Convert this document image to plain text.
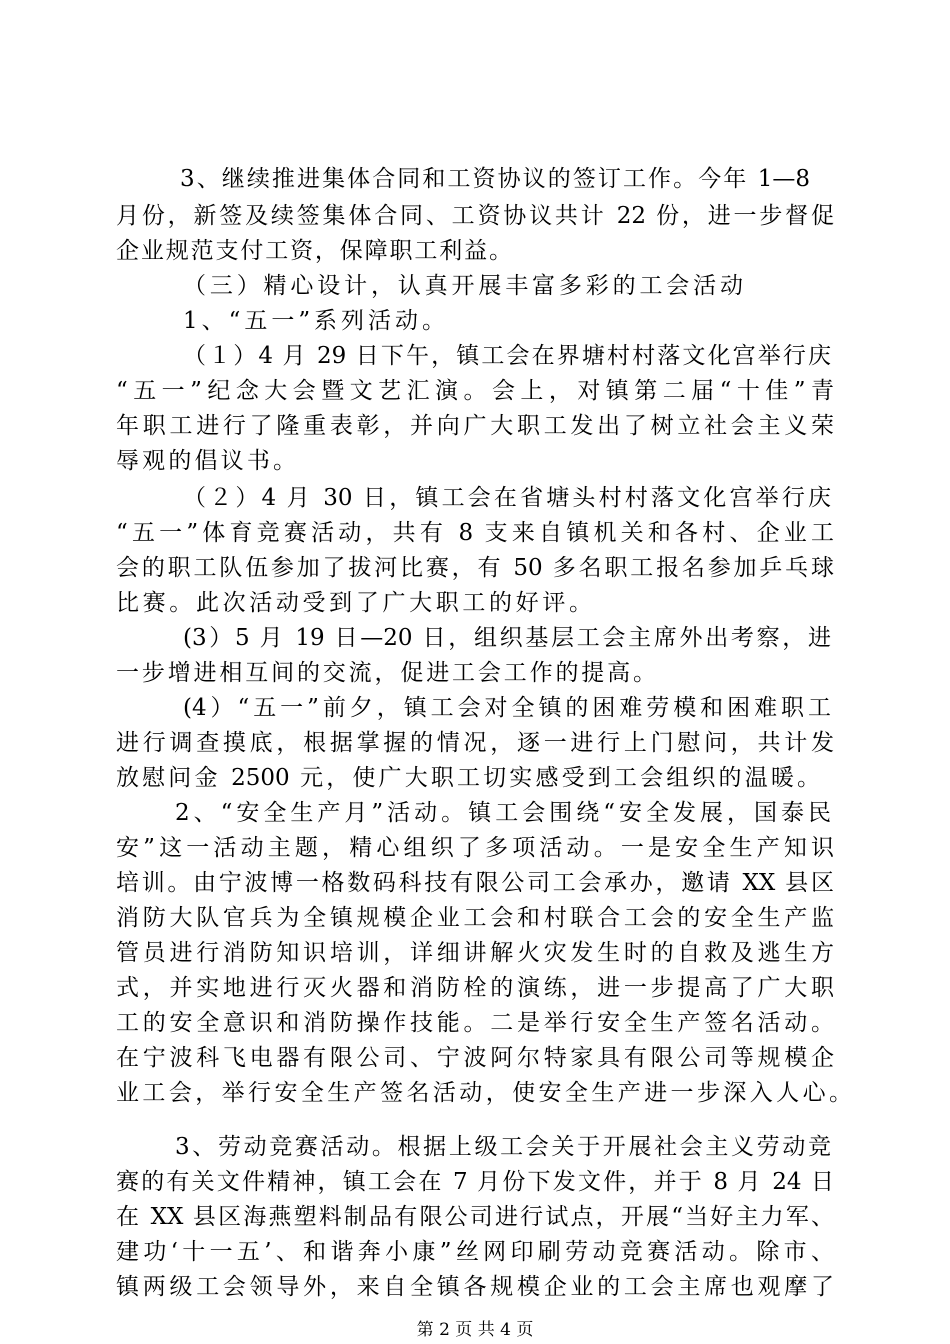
3、继续推进集体合同和工资协议的签订工作。今年 1—8
月份，新签及续签集体合同、工资协议共计 22 份，进一步督促
企业规范支付工资，保障职工利益。
（三）精心设计，认真开展丰富多彩的工会活动
1、“五一”系列活动。
（１）4 月 29 日下午，镇工会在界塘村村落文化宫举行庆
“五一”纪念大会暨文艺汇演。会上，对镇第二届“十佳”青
年职工进行了隆重表彰，并向广大职工发出了树立社会主义荣
辱观的倡议书。
（２）4 月 30 日，镇工会在省塘头村村落文化宫举行庆
“五一”体育竞赛活动，共有 8 支来自镇机关和各村、企业工
会的职工队伍参加了拔河比赛，有 50 多名职工报名参加乒乓球
比赛。此次活动受到了广大职工的好评。
(3）5 月 19 日—20 日，组织基层工会主席外出考察，进
一步增进相互间的交流，促进工会工作的提高。
(4）“五一”前夕，镇工会对全镇的困难劳模和困难职工
进行调查摸底，根据掌握的情况，逐一进行上门慰问，共计发
放慰问金 2500 元，使广大职工切实感受到工会组织的温暖。
2、“安全生产月”活动。镇工会围绕“安全发展，国泰民
安”这一活动主题，精心组织了多项活动。一是安全生产知识
培训。由宁波博一格数码科技有限公司工会承办，邀请 XX 县区
消防大队官兵为全镇规模企业工会和村联合工会的安全生产监
管员进行消防知识培训，详细讲解火灾发生时的自救及逃生方
式，并实地进行灭火器和消防栓的演练，进一步提高了广大职
工的安全意识和消防操作技能。二是举行安全生产签名活动。
在宁波科飞电器有限公司、宁波阿尔特家具有限公司等规模企
业工会，举行安全生产签名活动，使安全生产进一步深入人心。
3、劳动竞赛活动。根据上级工会关于开展社会主义劳动竞
赛的有关文件精神，镇工会在 7 月份下发文件，并于 8 月 24 日
在 XX 县区海燕塑料制品有限公司进行试点，开展“当好主力军、
建功‘十一五’、和谐奔小康”丝网印刷劳动竞赛活动。除市、
镇两级工会领导外，来自全镇各规模企业的工会主席也观摩了
第 2 页 共 4 页
